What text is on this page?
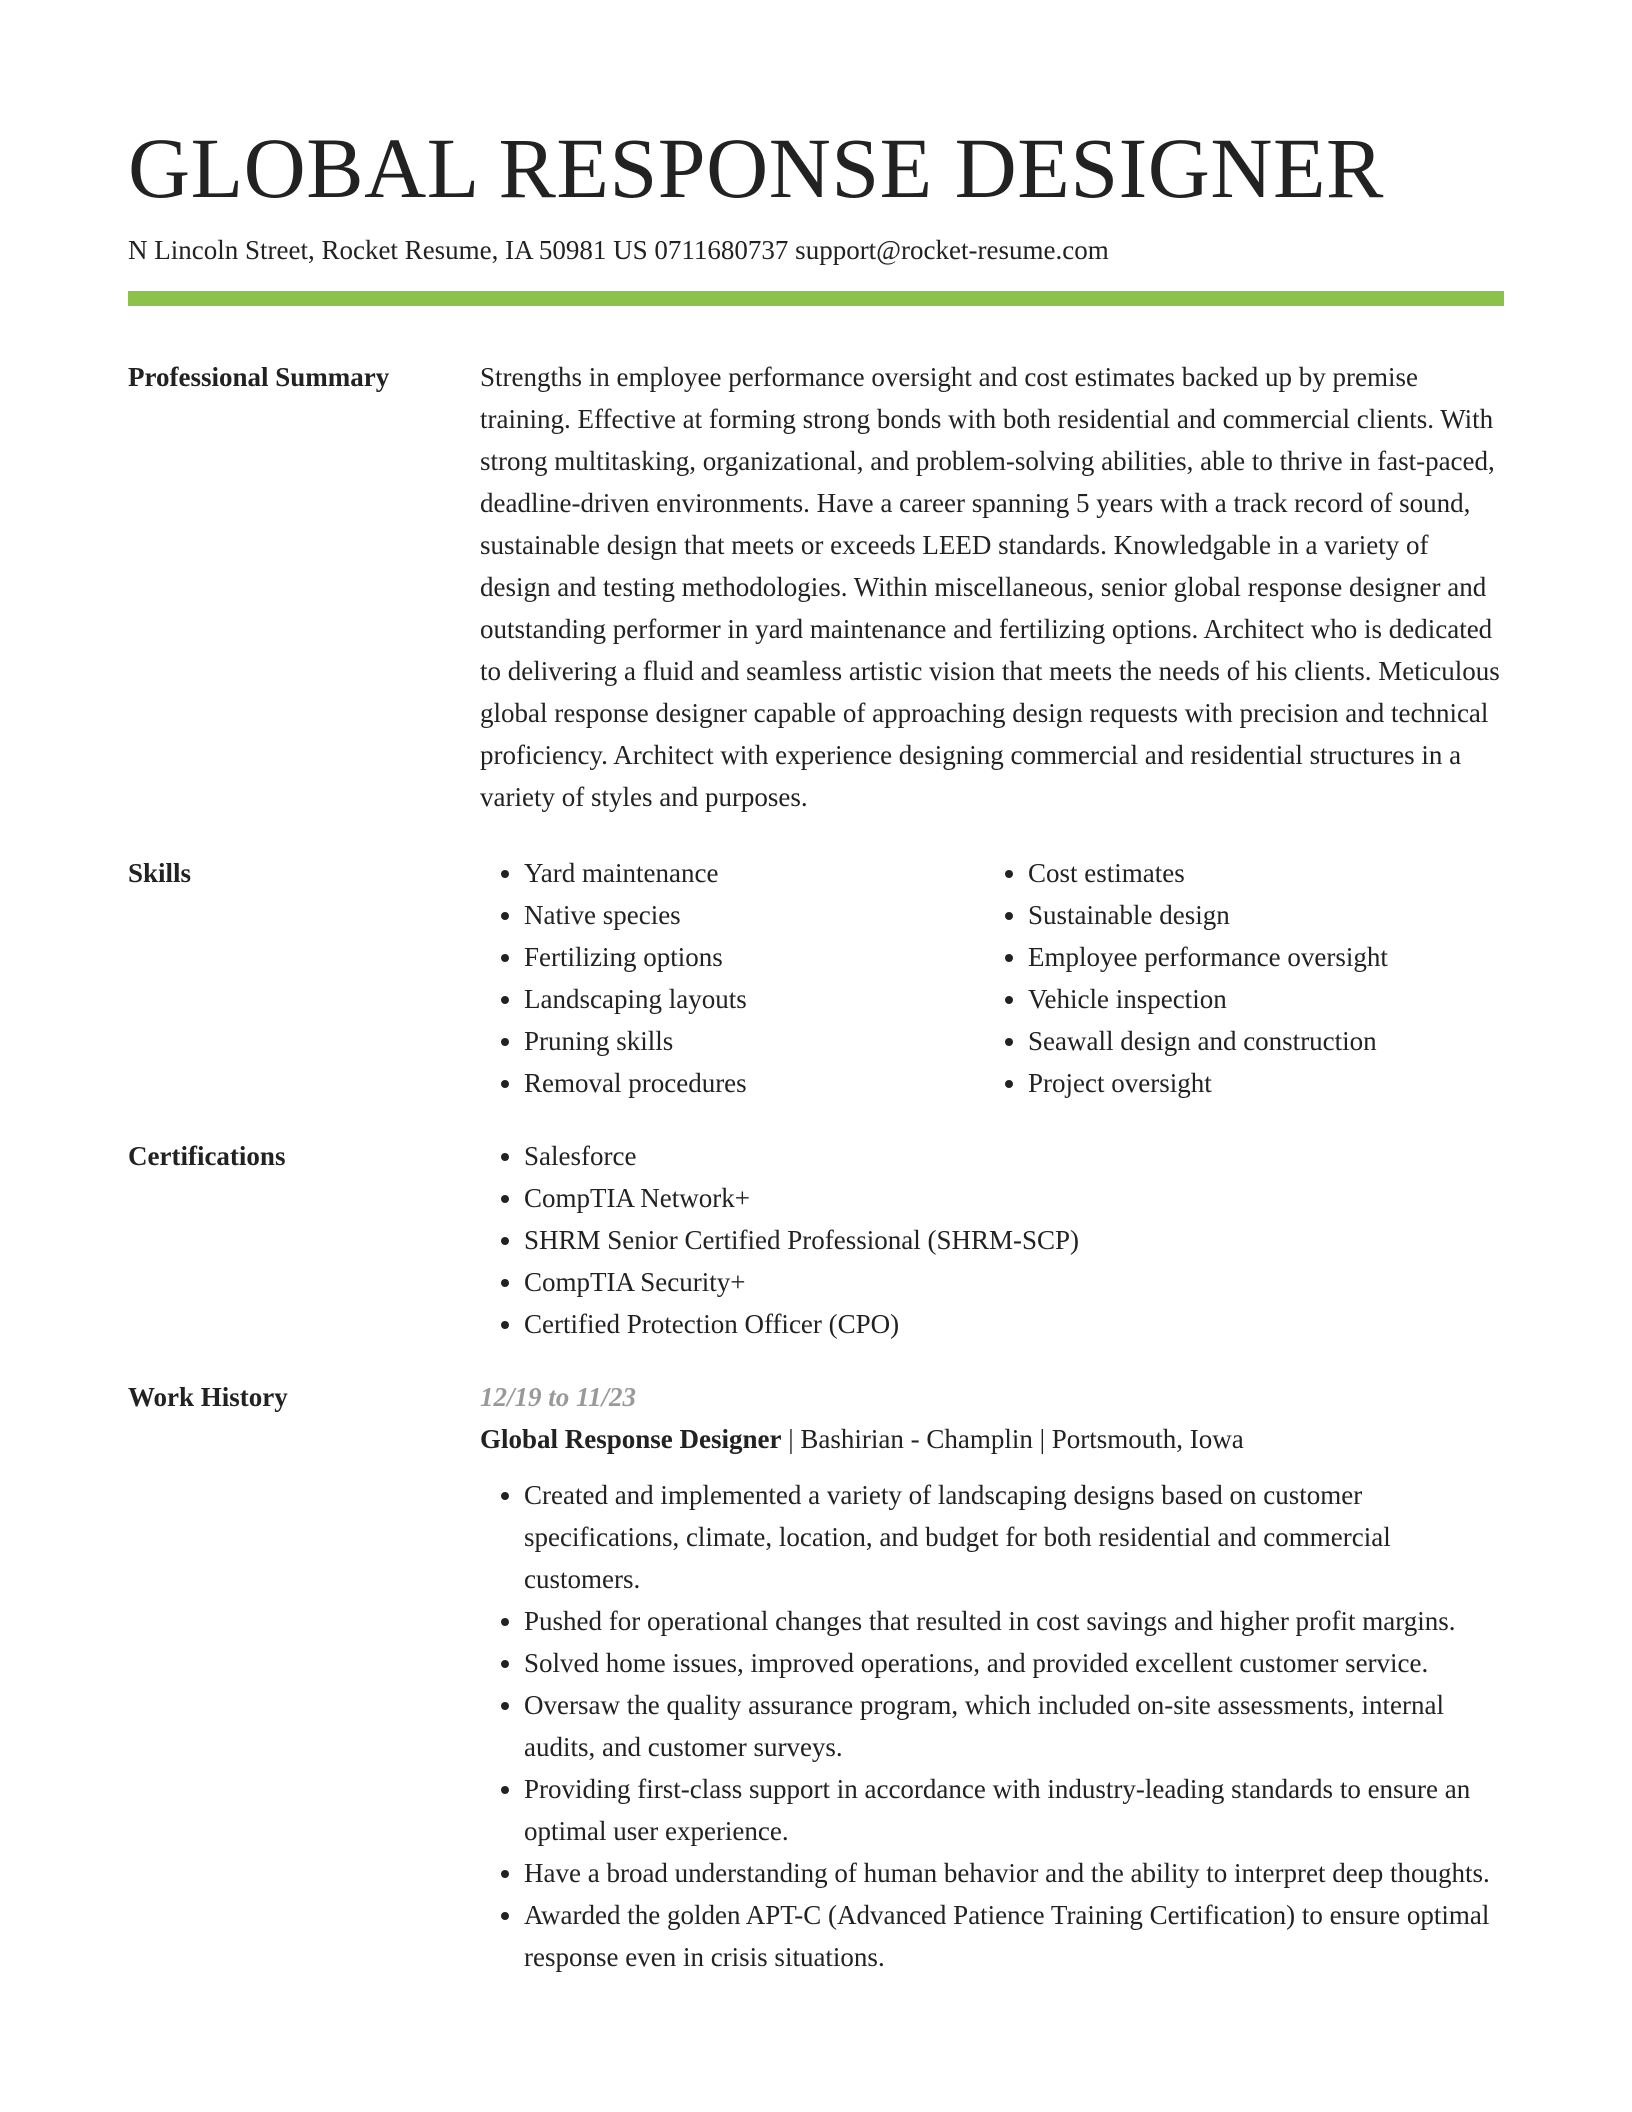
GLOBAL RESPONSE DESIGNER
N Lincoln Street, Rocket Resume, IA 50981 US 0711680737 support@rocket-resume.com
Professional Summary	Strengths in employee performance oversight and cost estimates backed up by premise training. Effective at forming strong bonds with both residential and commercial clients. With strong multitasking, organizational, and problem-solving abilities, able to thrive in fast-paced, deadline-driven environments. Have a career spanning 5 years with a track record of sound, sustainable design that meets or exceeds LEED standards. Knowledgable in a variety of design and testing methodologies. Within miscellaneous, senior global response designer and outstanding performer in yard maintenance and fertilizing options. Architect who is dedicated to delivering a fluid and seamless artistic vision that meets the needs of his clients. Meticulous global response designer capable of approaching design requests with precision and technical proficiency. Architect with experience designing commercial and residential structures in a variety of styles and purposes.

Skills	• Yard maintenance
• Native species
• Fertilizing options
• Landscaping layouts
• Pruning skills
• Removal procedures
• Cost estimates
• Sustainable design
• Employee performance oversight
• Vehicle inspection
• Seawall design and construction
• Project oversight
Certifications	• Salesforce
• CompTIA Network+
• SHRM Senior Certified Professional (SHRM-SCP)
• CompTIA Security+
• Certified Protection Officer (CPO)
Work History	12/19 to 11/23
Global Response Designer | Bashirian - Champlin | Portsmouth, Iowa
• Created and implemented a variety of landscaping designs based on customer specifications, climate, location, and budget for both residential and commercial customers.
• Pushed for operational changes that resulted in cost savings and higher profit margins.
• Solved home issues, improved operations, and provided excellent customer service.
• Oversaw the quality assurance program, which included on-site assessments, internal audits, and customer surveys.
• Providing first-class support in accordance with industry-leading standards to ensure an optimal user experience.
• Have a broad understanding of human behavior and the ability to interpret deep thoughts.
• Awarded the golden APT-C (Advanced Patience Training Certification) to ensure optimal response even in crisis situations.
